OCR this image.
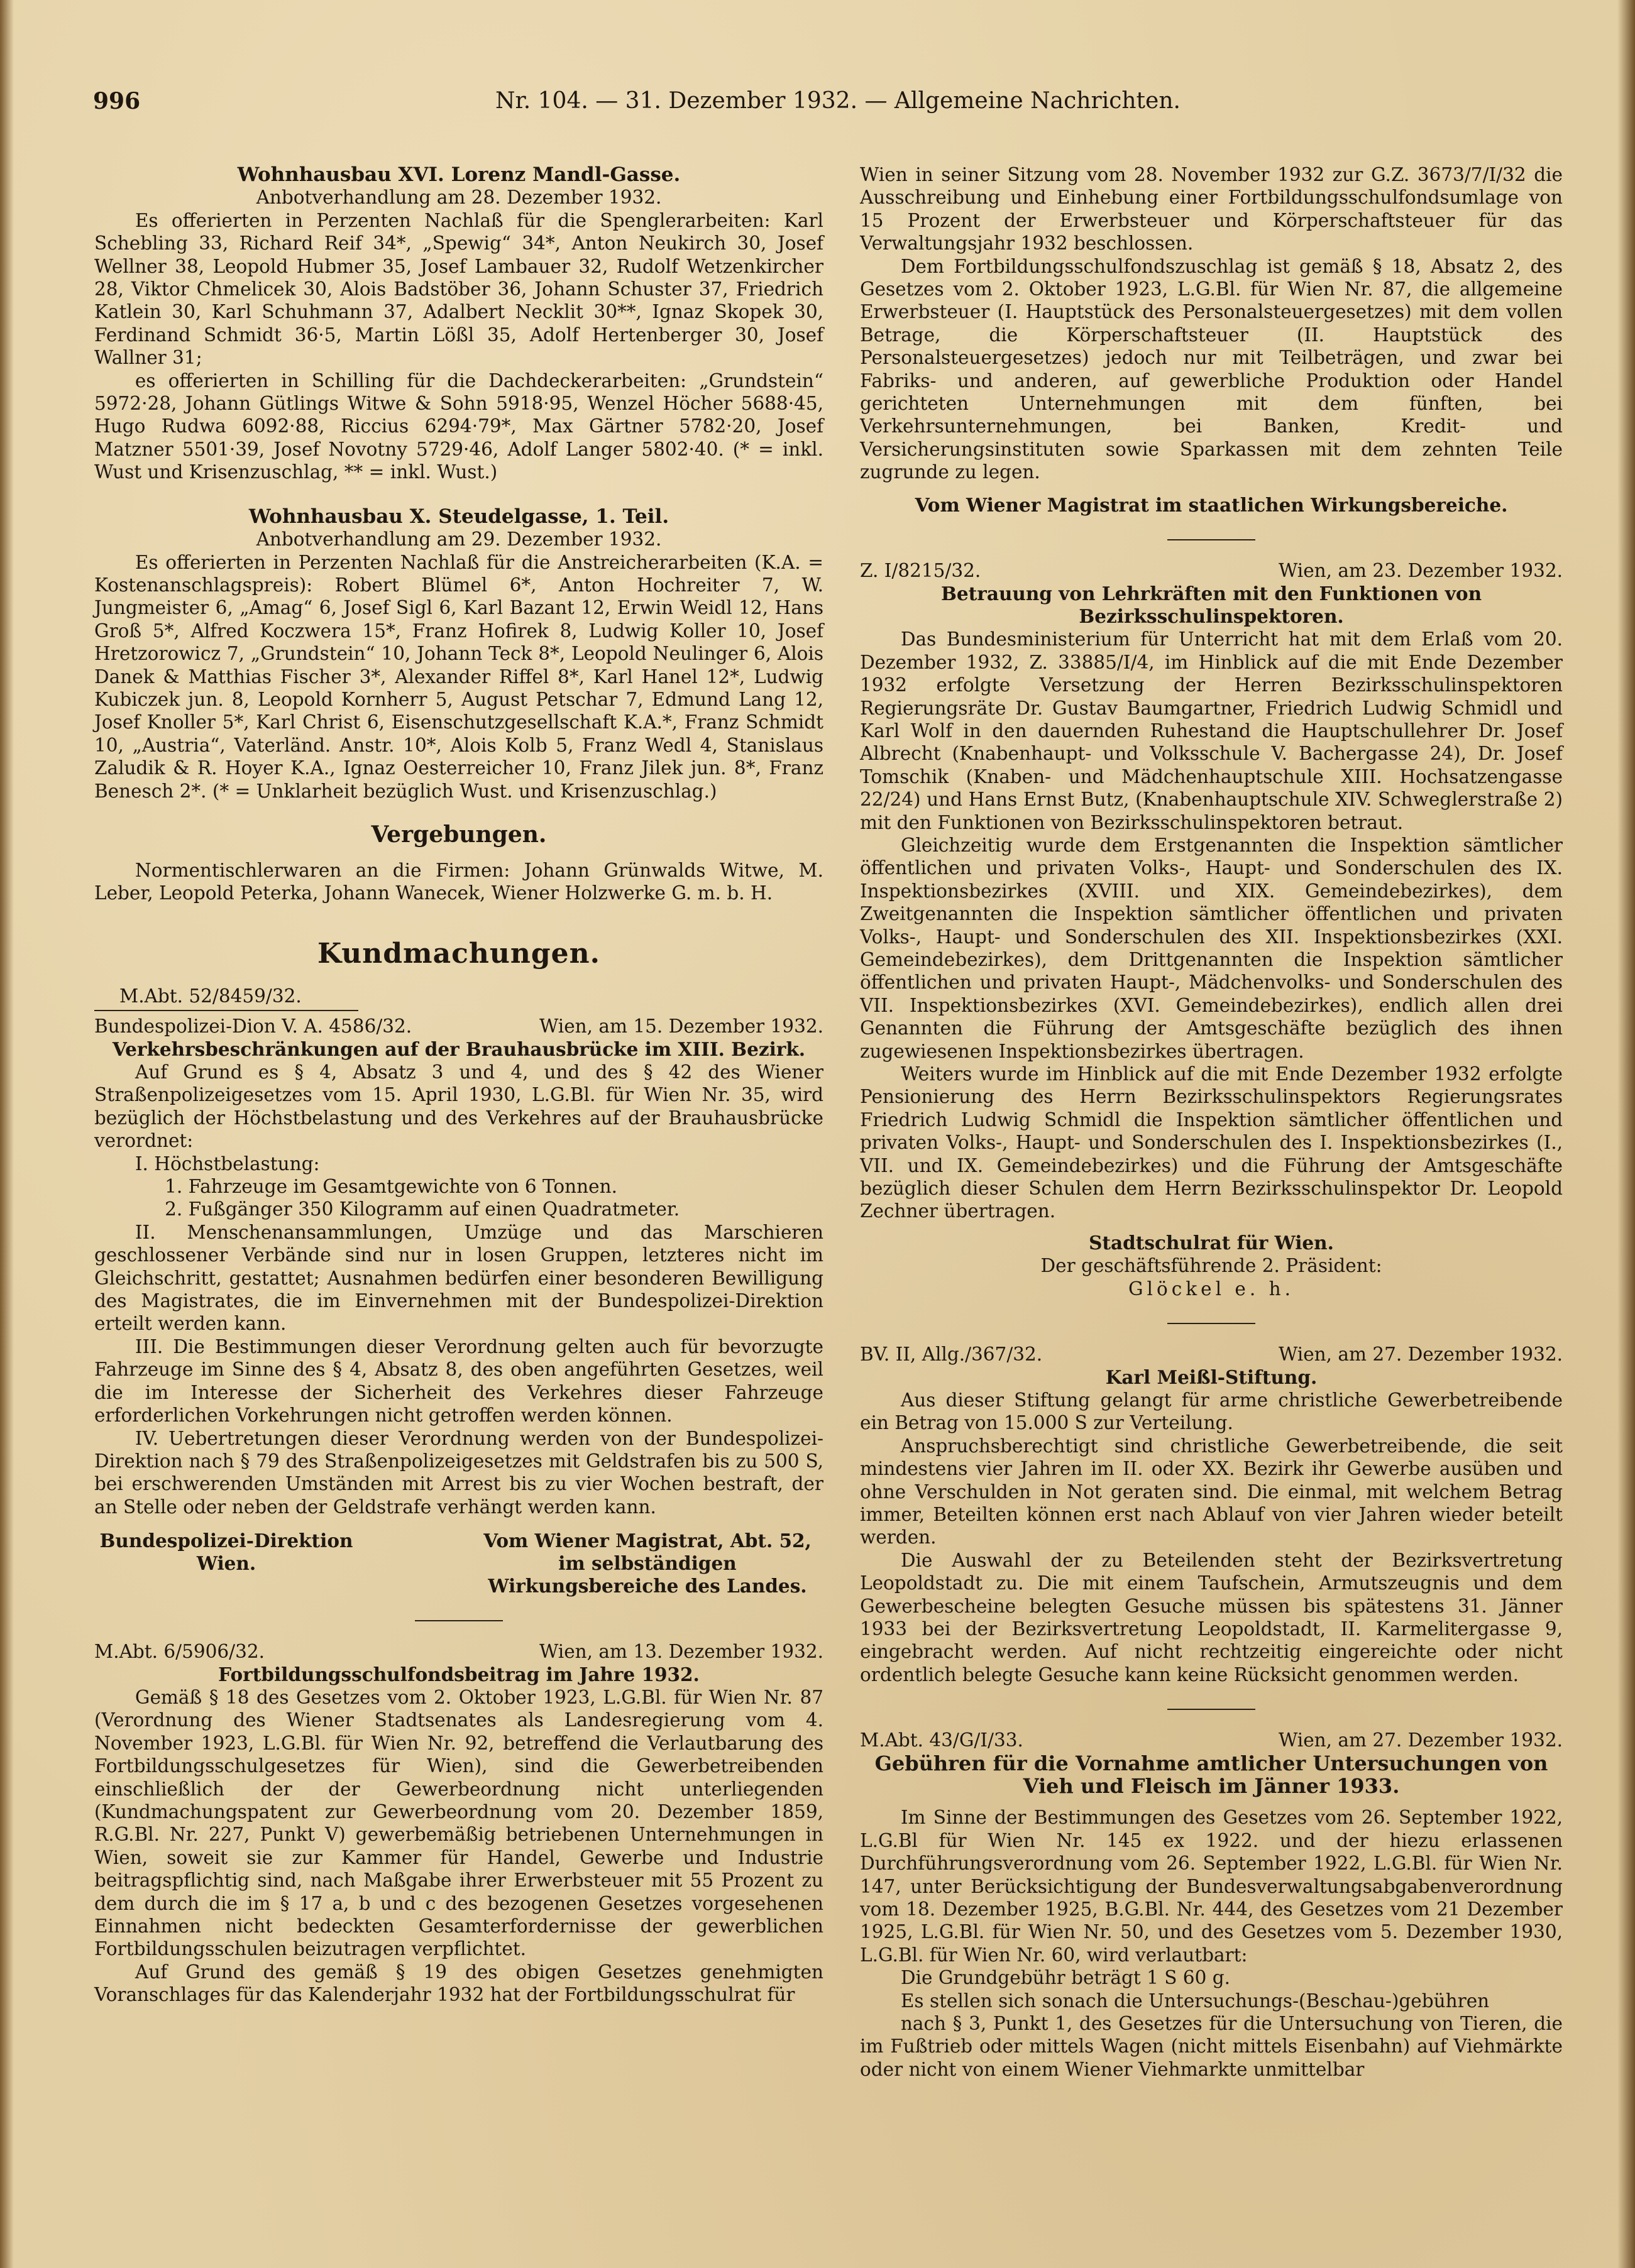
996	Nr. 104. — 31. Dezember 1932. — Allgemeine Nachrichten.

Wohnhausbau XVI. Lorenz Mandl-Gasse.

Anbotverhandlung am 28. Dezember 1932.

Es offerierten in Perzenten Nachlaß für die Spenglerarbeiten: Karl Schebling 33, Richard Reif 34*, „Spewig“ 34*, Anton Neukirch 30, Josef Wellner 38, Leopold Hubmer 35, Josef Lambauer 32, Rudolf Wetzenkircher 28, Viktor Chmelicek 30, Alois Badstöber 36, Johann Schuster 37, Friedrich Katlein 30, Karl Schuhmann 37, Adalbert Necklit 30**, Ignaz Skopek 30, Ferdinand Schmidt 36·5, Martin Lößl 35, Adolf Hertenberger 30, Josef Wallner 31;

es offerierten in Schilling für die Dachdeckerarbeiten: „Grundstein“ 5972·28, Johann Gütlings Witwe & Sohn 5918·95, Wenzel Höcher 5688·45, Hugo Rudwa 6092·88, Riccius 6294·79*, Max Gärtner 5782·20, Josef Matzner 5501·39, Josef Novotny 5729·46, Adolf Langer 5802·40. (* = inkl. Wust und Krisenzuschlag, ** = inkl. Wust.)

Wohnhausbau X. Steudelgasse, 1. Teil.

Anbotverhandlung am 29. Dezember 1932.

Es offerierten in Perzenten Nachlaß für die Anstreicherarbeiten (K.A. = Kostenanschlagspreis): Robert Blümel 6*, Anton Hochreiter 7, W. Jungmeister 6, „Amag“ 6, Josef Sigl 6, Karl Bazant 12, Erwin Weidl 12, Hans Groß 5*, Alfred Koczwera 15*, Franz Hofirek 8, Ludwig Koller 10, Josef Hretzorowicz 7, „Grundstein“ 10, Johann Teck 8*, Leopold Neulinger 6, Alois Danek & Matthias Fischer 3*, Alexander Riffel 8*, Karl Hanel 12*, Ludwig Kubiczek jun. 8, Leopold Kornherr 5, August Petschar 7, Edmund Lang 12, Josef Knoller 5*, Karl Christ 6, Eisenschutzgesellschaft K.A.*, Franz Schmidt 10, „Austria“, Vaterländ. Anstr. 10*, Alois Kolb 5, Franz Wedl 4, Stanislaus Zaludik & R. Hoyer K.A., Ignaz Oesterreicher 10, Franz Jilek jun. 8*, Franz Benesch 2*. (* = Unklarheit bezüglich Wust. und Krisenzuschlag.)

Vergebungen.

Normentischlerwaren an die Firmen: Johann Grünwalds Witwe, M. Leber, Leopold Peterka, Johann Wanecek, Wiener Holzwerke G. m. b. H.

Kundmachungen.

M.Abt. 52/8459/32.

Bundespolizei-Dion V. A. 4586/32.	Wien, am 15. Dezember 1932.

Verkehrsbeschränkungen auf der Brauhausbrücke im XIII. Bezirk.

Auf Grund es § 4, Absatz 3 und 4, und des § 42 des Wiener Straßenpolizeigesetzes vom 15. April 1930, L.G.Bl. für Wien Nr. 35, wird bezüglich der Höchstbelastung und des Verkehres auf der Brauhausbrücke verordnet:

I. Höchstbelastung:

1. Fahrzeuge im Gesamtgewichte von 6 Tonnen.

2. Fußgänger 350 Kilogramm auf einen Quadratmeter.

II. Menschenansammlungen, Umzüge und das Marschieren geschlossener Verbände sind nur in losen Gruppen, letzteres nicht im Gleichschritt, gestattet; Ausnahmen bedürfen einer besonderen Bewilligung des Magistrates, die im Einvernehmen mit der Bundespolizei-Direktion erteilt werden kann.

III. Die Bestimmungen dieser Verordnung gelten auch für bevorzugte Fahrzeuge im Sinne des § 4, Absatz 8, des oben angeführten Gesetzes, weil die im Interesse der Sicherheit des Verkehres dieser Fahrzeuge erforderlichen Vorkehrungen nicht getroffen werden können.

IV. Uebertretungen dieser Verordnung werden von der Bundespolizei-Direktion nach § 79 des Straßenpolizeigesetzes mit Geldstrafen bis zu 500 S, bei erschwerenden Umständen mit Arrest bis zu vier Wochen bestraft, der an Stelle oder neben der Geldstrafe verhängt werden kann.

Bundespolizei-Direktion Wien.
Vom Wiener Magistrat, Abt. 52, im selbständigen Wirkungsbereiche des Landes.
M.Abt. 6/5906/32.	Wien, am 13. Dezember 1932.

Fortbildungsschulfondsbeitrag im Jahre 1932.

Gemäß § 18 des Gesetzes vom 2. Oktober 1923, L.G.Bl. für Wien Nr. 87 (Verordnung des Wiener Stadtsenates als Landesregierung vom 4. November 1923, L.G.Bl. für Wien Nr. 92, betreffend die Verlautbarung des Fortbildungsschulgesetzes für Wien), sind die Gewerbetreibenden einschließlich der der Gewerbeordnung nicht unterliegenden (Kundmachungspatent zur Gewerbeordnung vom 20. Dezember 1859, R.G.Bl. Nr. 227, Punkt V) gewerbemäßig betriebenen Unternehmungen in Wien, soweit sie zur Kammer für Handel, Gewerbe und Industrie beitragspflichtig sind, nach Maßgabe ihrer Erwerbsteuer mit 55 Prozent zu dem durch die im § 17 a, b und c des bezogenen Gesetzes vorgesehenen Einnahmen nicht bedeckten Gesamterfordernisse der gewerblichen Fortbildungsschulen beizutragen verpflichtet.

Auf Grund des gemäß § 19 des obigen Gesetzes genehmigten Voranschlages für das Kalenderjahr 1932 hat der Fortbildungsschulrat für

Wien in seiner Sitzung vom 28. November 1932 zur G.Z. 3673/7/I/32 die Ausschreibung und Einhebung einer Fortbildungsschulfondsumlage von 15 Prozent der Erwerbsteuer und Körperschaftsteuer für das Verwaltungsjahr 1932 beschlossen.

Dem Fortbildungsschulfondszuschlag ist gemäß § 18, Absatz 2, des Gesetzes vom 2. Oktober 1923, L.G.Bl. für Wien Nr. 87, die allgemeine Erwerbsteuer (I. Hauptstück des Personalsteuergesetzes) mit dem vollen Betrage, die Körperschaftsteuer (II. Hauptstück des Personalsteuergesetzes) jedoch nur mit Teilbeträgen, und zwar bei Fabriks- und anderen, auf gewerbliche Produktion oder Handel gerichteten Unternehmungen mit dem fünften, bei Verkehrsunternehmungen, bei Banken, Kredit- und Versicherungsinstituten sowie Sparkassen mit dem zehnten Teile zugrunde zu legen.

Vom Wiener Magistrat im staatlichen Wirkungsbereiche.

Z. I/8215/32.	Wien, am 23. Dezember 1932.

Betrauung von Lehrkräften mit den Funktionen von Bezirksschulinspektoren.

Das Bundesministerium für Unterricht hat mit dem Erlaß vom 20. Dezember 1932, Z. 33885/I/4, im Hinblick auf die mit Ende Dezember 1932 erfolgte Versetzung der Herren Bezirksschulinspektoren Regierungsräte Dr. Gustav Baumgartner, Friedrich Ludwig Schmidl und Karl Wolf in den dauernden Ruhestand die Hauptschullehrer Dr. Josef Albrecht (Knabenhaupt- und Volksschule V. Bachergasse 24), Dr. Josef Tomschik (Knaben- und Mädchenhauptschule XIII. Hochsatzengasse 22/24) und Hans Ernst Butz, (Knabenhauptschule XIV. Schweglerstraße 2) mit den Funktionen von Bezirksschulinspektoren betraut.

Gleichzeitig wurde dem Erstgenannten die Inspektion sämtlicher öffentlichen und privaten Volks-, Haupt- und Sonderschulen des IX. Inspektionsbezirkes (XVIII. und XIX. Gemeindebezirkes), dem Zweitgenannten die Inspektion sämtlicher öffentlichen und privaten Volks-, Haupt- und Sonderschulen des XII. Inspektionsbezirkes (XXI. Gemeindebezirkes), dem Drittgenannten die Inspektion sämtlicher öffentlichen und privaten Haupt-, Mädchenvolks- und Sonderschulen des VII. Inspektionsbezirkes (XVI. Gemeindebezirkes), endlich allen drei Genannten die Führung der Amtsgeschäfte bezüglich des ihnen zugewiesenen Inspektionsbezirkes übertragen.

Weiters wurde im Hinblick auf die mit Ende Dezember 1932 erfolgte Pensionierung des Herrn Bezirksschulinspektors Regierungsrates Friedrich Ludwig Schmidl die Inspektion sämtlicher öffentlichen und privaten Volks-, Haupt- und Sonderschulen des I. Inspektionsbezirkes (I., VII. und IX. Gemeindebezirkes) und die Führung der Amtsgeschäfte bezüglich dieser Schulen dem Herrn Bezirksschulinspektor Dr. Leopold Zechner übertragen.

Stadtschulrat für Wien.

Der geschäftsführende 2. Präsident:

Glöckel e. h.

BV. II, Allg./367/32.	Wien, am 27. Dezember 1932.

Karl Meißl-Stiftung.

Aus dieser Stiftung gelangt für arme christliche Gewerbetreibende ein Betrag von 15.000 S zur Verteilung.

Anspruchsberechtigt sind christliche Gewerbetreibende, die seit mindestens vier Jahren im II. oder XX. Bezirk ihr Gewerbe ausüben und ohne Verschulden in Not geraten sind. Die einmal, mit welchem Betrag immer, Beteilten können erst nach Ablauf von vier Jahren wieder beteilt werden.

Die Auswahl der zu Beteilenden steht der Bezirksvertretung Leopoldstadt zu. Die mit einem Taufschein, Armutszeugnis und dem Gewerbescheine belegten Gesuche müssen bis spätestens 31. Jänner 1933 bei der Bezirksvertretung Leopoldstadt, II. Karmelitergasse 9, eingebracht werden. Auf nicht rechtzeitig eingereichte oder nicht ordentlich belegte Gesuche kann keine Rücksicht genommen werden.

M.Abt. 43/G/I/33.	Wien, am 27. Dezember 1932.

Gebühren für die Vornahme amtlicher Untersuchungen von Vieh und Fleisch im Jänner 1933.

Im Sinne der Bestimmungen des Gesetzes vom 26. September 1922, L.G.Bl für Wien Nr. 145 ex 1922. und der hiezu erlassenen Durchführungsverordnung vom 26. September 1922, L.G.Bl. für Wien Nr. 147, unter Berücksichtigung der Bundesverwaltungsabgabenverordnung vom 18. Dezember 1925, B.G.Bl. Nr. 444, des Gesetzes vom 21 Dezember 1925, L.G.Bl. für Wien Nr. 50, und des Gesetzes vom 5. Dezember 1930, L.G.Bl. für Wien Nr. 60, wird verlautbart:

Die Grundgebühr beträgt 1 S 60 g.

Es stellen sich sonach die Untersuchungs-(Beschau-)gebühren

nach § 3, Punkt 1, des Gesetzes für die Untersuchung von Tieren, die im Fußtrieb oder mittels Wagen (nicht mittels Eisenbahn) auf Viehmärkte oder nicht von einem Wiener Viehmarkte unmittelbar
